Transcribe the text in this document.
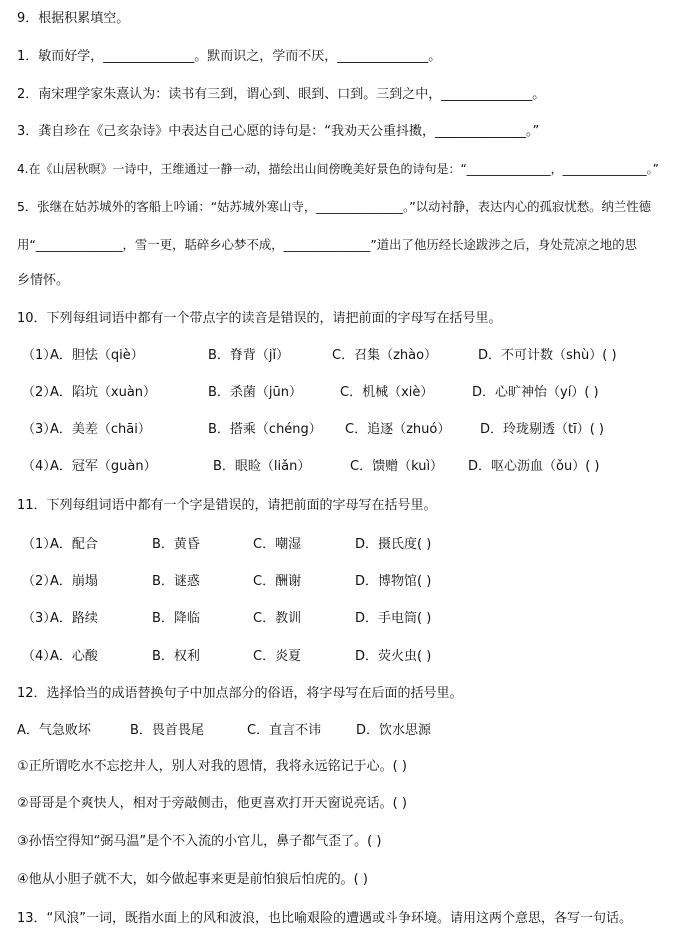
9．根据积累填空。
1．敏而好学，______________。默而识之，学而不厌，______________。
2．南宋理学家朱熹认为：读书有三到，谓心到、眼到、口到。三到之中，______________。
3．龚自珍在《己亥杂诗》中表达自己心愿的诗句是：“我劝天公重抖擞，______________。”
4.在《山居秋暝》一诗中，王维通过一静一动，描绘出山间傍晚美好景色的诗句是：“______________，______________。”
5．张继在姑苏城外的客船上吟诵：“姑苏城外寒山寺，______________。”以动衬静，表达内心的孤寂忧愁。纳兰性德
用“______________，雪一更，聒碎乡心梦不成，______________”道出了他历经长途跋涉之后，身处荒凉之地的思
乡情怀。
10．下列每组词语中都有一个带点字的读音是错误的，请把前面的字母写在括号里。
（1）
A．胆怯（qiè）	B．脊背（jǐ）	C．召集（zhào）	D．不可计数（shù）( )
（2）
A．陷坑（xuàn）	B．杀菌（jūn）	C．机械（xiè）	D．心旷神怡（yí）( )
（3）
A．美差（chāi）	B．搭乘（chéng） C．追逐（zhuó） D．玲珑剔透（tī）( )
（4）
A．冠军（guàn）	B．眼睑（liǎn）	C．馈赠（kuì） D．呕心沥血（ǒu）( )
11．下列每组词语中都有一个字是错误的，请把前面的字母写在括号里。
（1）
A．配合	B．黄昏	C．嘲湿	D．摄氏度( )
（2）
A．崩塌	B．谜惑	C．酬谢	D．博物馆( )
（3）
A．路续	B．降临	C．教训	D．手电筒( )
（4）
A．心酸	B．权利	C．炎夏	D．荧火虫( )
12．选择恰当的成语替换句子中加点部分的俗语，将字母写在后面的括号里。
A．气急败坏	B．畏首畏尾	C．直言不讳	D．饮水思源
①正所谓吃水不忘挖井人，别人对我的恩情，我将永远铭记于心。( )
②哥哥是个爽快人，相对于旁敲侧击，他更喜欢打开天窗说亮话。( )
③孙悟空得知“弼马温”是个不入流的小官儿，鼻子都气歪了。( )
④他从小胆子就不大，如今做起事来更是前怕狼后怕虎的。( )
13．“风浪”一词，既指水面上的风和波浪，也比喻艰险的遭遇或斗争环境。请用这两个意思，各写一句话。
